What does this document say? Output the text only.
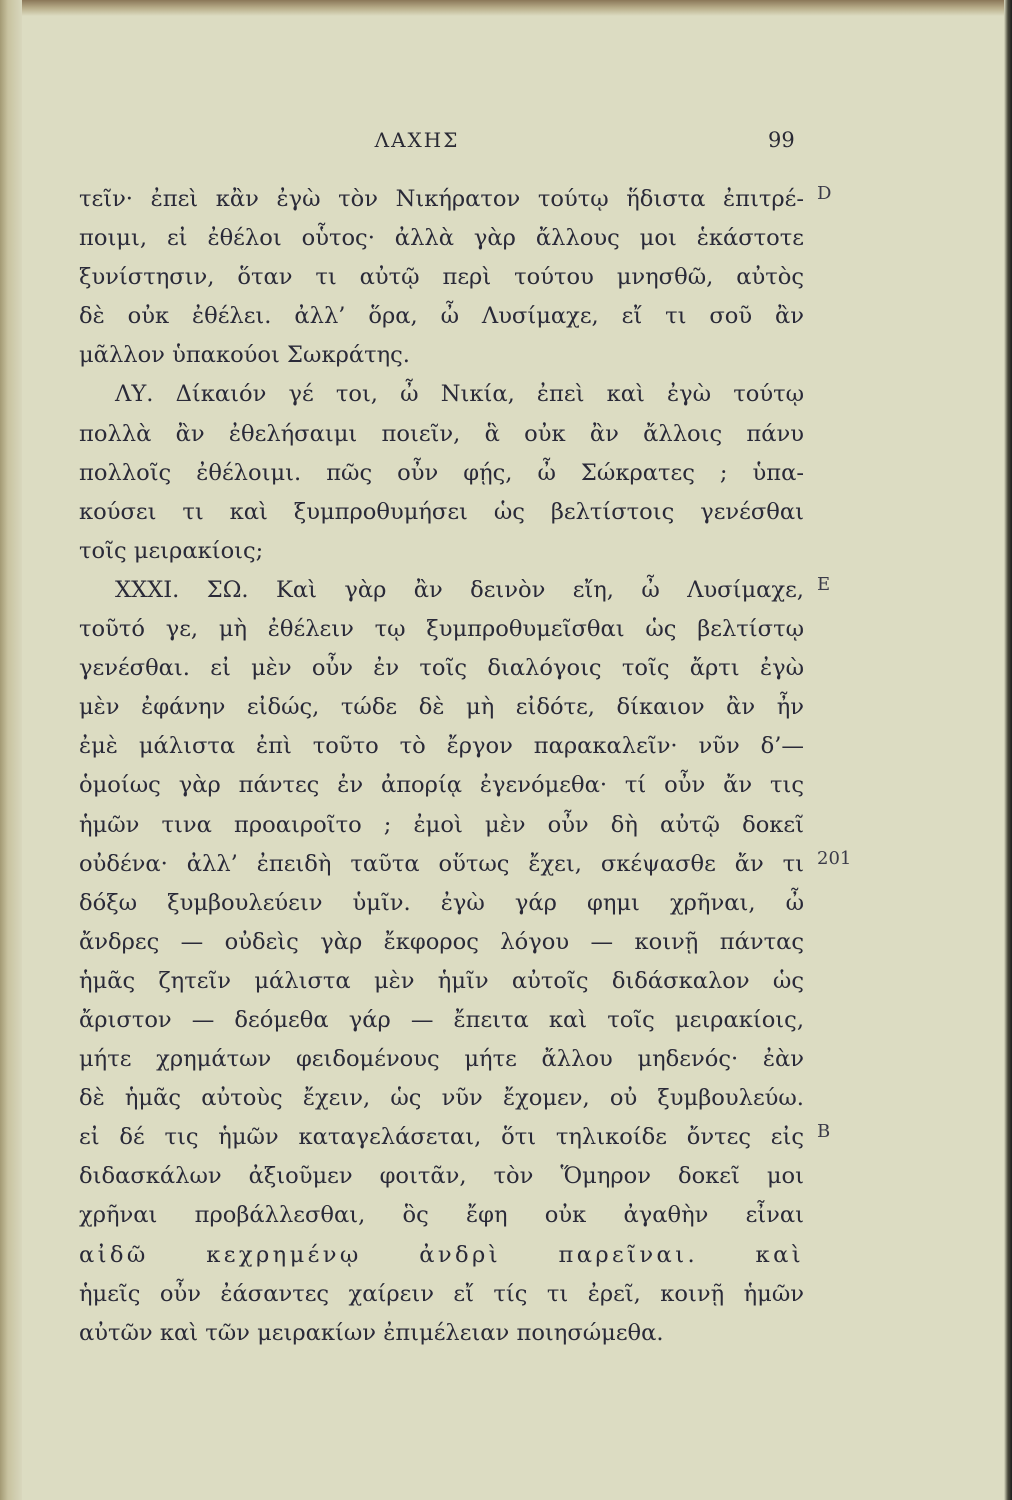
ΛΑΧΗΣ	99
τεῖν· ἐπεὶ κἂν ἐγὼ τὸν Νικήρατον τούτῳ ἥδιστα ἐπιτρέ-
ποιμι, εἰ ἐθέλοι οὗτος· ἀλλὰ γὰρ ἄλλους μοι ἑκάστοτε
ξυνίστησιν, ὅταν τι αὐτῷ περὶ τούτου μνησθῶ, αὐτὸς
δὲ οὐκ ἐθέλει. ἀλλ’ ὅρα, ὦ Λυσίμαχε, εἴ τι σοῦ ἂν
μᾶλλον ὑπακούοι Σωκράτης.
ΛΥ. Δίκαιόν γέ τοι, ὦ Νικία, ἐπεὶ καὶ ἐγὼ τούτῳ
πολλὰ ἂν ἐθελήσαιμι ποιεῖν, ἃ οὐκ ἂν ἄλλοις πάνυ
πολλοῖς ἐθέλοιμι. πῶς οὖν φῄς, ὦ Σώκρατες ; ὑπα-
κούσει τι καὶ ξυμπροθυμήσει ὡς βελτίστοις γενέσθαι
τοῖς μειρακίοις;
XXXI. ΣΩ. Καὶ γὰρ ἂν δεινὸν εἴη, ὦ Λυσίμαχε,
τοῦτό γε, μὴ ἐθέλειν τῳ ξυμπροθυμεῖσθαι ὡς βελτίστῳ
γενέσθαι. εἰ μὲν οὖν ἐν τοῖς διαλόγοις τοῖς ἄρτι ἐγὼ
μὲν ἐφάνην εἰδώς, τώδε δὲ μὴ εἰδότε, δίκαιον ἂν ἦν
ἐμὲ μάλιστα ἐπὶ τοῦτο τὸ ἔργον παρακαλεῖν· νῦν δ’—
ὁμοίως γὰρ πάντες ἐν ἀπορίᾳ ἐγενόμεθα· τί οὖν ἄν τις
ἡμῶν τινα προαιροῖτο ; ἐμοὶ μὲν οὖν δὴ αὐτῷ δοκεῖ
οὐδένα· ἀλλ’ ἐπειδὴ ταῦτα οὕτως ἔχει, σκέψασθε ἄν τι
δόξω ξυμβουλεύειν ὑμῖν. ἐγὼ γάρ φημι χρῆναι, ὦ
ἄνδρες — οὐδεὶς γὰρ ἔκφορος λόγου — κοινῇ πάντας
ἡμᾶς ζητεῖν μάλιστα μὲν ἡμῖν αὐτοῖς διδάσκαλον ὡς
ἄριστον — δεόμεθα γάρ — ἔπειτα καὶ τοῖς μειρακίοις,
μήτε χρημάτων φειδομένους μήτε ἄλλου μηδενός· ἐὰν
δὲ ἡμᾶς αὐτοὺς ἔχειν, ὡς νῦν ἔχομεν, οὐ ξυμβουλεύω.
εἰ δέ τις ἡμῶν καταγελάσεται, ὅτι τηλικοίδε ὄντες εἰς
διδασκάλων ἀξιοῦμεν φοιτᾶν, τὸν Ὅμηρον δοκεῖ μοι
χρῆναι προβάλλεσθαι, ὃς ἔφη οὐκ ἀγαθὴν εἶναι
αἰδῶ κεχρημένῳ ἀνδρὶ παρεῖναι. καὶ
ἡμεῖς οὖν ἐάσαντες χαίρειν εἴ τίς τι ἐρεῖ, κοινῇ ἡμῶν
αὐτῶν καὶ τῶν μειρακίων ἐπιμέλειαν ποιησώμεθα.
D
E
201
B
